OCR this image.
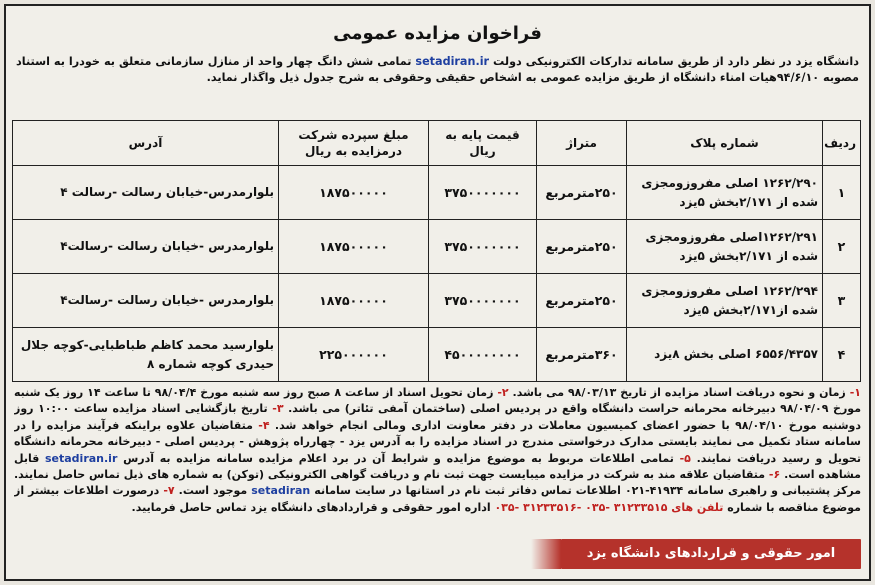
فراخوان مزایده عمومی
دانشگاه یزد در نظر دارد از طریق سامانه تدارکات الکترونیکی دولت setadiran.ir تمامی شش دانگ چهار واحد از منازل سازمانی متعلق به خودرا به استناد مصوبه ۹۴/۶/۱۰هیات امناء دانشگاه از طریق مزایده عمومی به اشخاص حقیقی وحقوقی به شرح جدول ذیل واگذار نماید.
ردیف	شماره پلاک	متراژ	قیمت پایه به ریال	مبلغ سپرده شرکت درمزایده به ریال	آدرس
۱	۱۲۶۲/۲۹۰ اصلی مفروزومجزی شده از ۲/۱۷۱بخش ۵یزد	۲۵۰مترمربع	۳۷۵۰۰۰۰۰۰۰	۱۸۷۵۰۰۰۰۰	بلوارمدرس-خیابان رسالت -رسالت ۴
۲	۱۲۶۲/۲۹۱اصلی مفروزومجزی شده از ۲/۱۷۱بخش ۵یزد	۲۵۰مترمربع	۳۷۵۰۰۰۰۰۰۰	۱۸۷۵۰۰۰۰۰	بلوارمدرس -خیابان رسالت -رسالت۴
۳	۱۲۶۲/۲۹۴ اصلی مفروزومجزی شده از۲/۱۷۱بخش ۵یزد	۲۵۰مترمربع	۳۷۵۰۰۰۰۰۰۰	۱۸۷۵۰۰۰۰۰	بلوارمدرس -خیابان رسالت -رسالت۴
۴	۶۵۵۶/۴۳۵۷ اصلی بخش ۸یزد	۳۶۰مترمربع	۴۵۰۰۰۰۰۰۰۰	۲۲۵۰۰۰۰۰۰	بلوارسید محمد کاظم طباطبایی-کوچه جلال حیدری کوچه شماره ۸
۱- زمان و نحوه دریافت اسناد مزایده از تاریخ ۹۸/۰۳/۱۳ می باشد. ۲- زمان تحویل اسناد از ساعت ۸ صبح روز سه شنبه مورخ ۹۸/۰۴/۴ تا ساعت ۱۴ روز یک شنبه مورخ ۹۸/۰۴/۰۹ دبیرخانه محرمانه حراست دانشگاه واقع در پردیس اصلی (ساختمان آمفی تئاتر) می باشد. ۳- تاریخ بازگشایی اسناد مزایده ساعت ۱۰:۰۰ روز دوشنبه مورخ ۹۸/۰۴/۱۰ با حضور اعضای کمیسیون معاملات در دفتر معاونت اداری ومالی انجام خواهد شد. ۴- متقاضیان علاوه براینکه فرآیند مزایده را در سامانه ستاد تکمیل می نمایند بایستی مدارک درخواستی مندرج در اسناد مزایده را به آدرس یزد - چهارراه پژوهش - پردیس اصلی - دبیرخانه محرمانه دانشگاه تحویل و رسید دریافت نمایند. ۵- تمامی اطلاعات مربوط به موضوع مزایده و شرایط آن در برد اعلام مزایده سامانه مزایده به آدرس setadiran.ir قابل مشاهده است. ۶- متقاضیان علاقه مند به شرکت در مزایده میبایست جهت ثبت نام و دریافت گواهی الکترونیکی (توکن) به شماره های ذیل تماس حاصل نمایند. مرکز پشتیبانی و راهبری سامانه ۴۱۹۳۴-۰۲۱ اطلاعات تماس دفاتر ثبت نام در استانها در سایت سامانه setadiran موجود است. ۷- درصورت اطلاعات بیشتر از موضوع مناقصه با شماره تلفن های ۳۱۲۳۳۵۱۵ -۰۳۵ -۳۱۲۳۳۵۱۶ -۰۳۵ اداره امور حقوقی و قراردادهای دانشگاه یزد تماس حاصل فرمایید.
امور حقوقی و قراردادهای دانشگاه یزد
